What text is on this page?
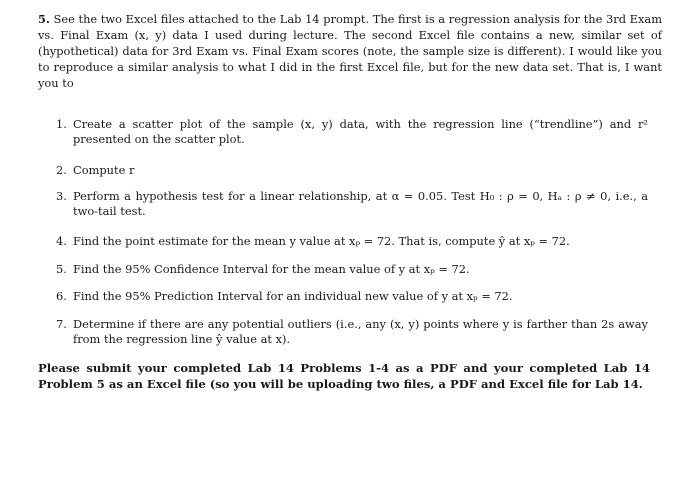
5. See the two Excel files attached to the Lab 14 prompt. The first is a regression analysis for the 3rd Exam vs. Final Exam (x, y) data I used during lecture. The second Excel file contains a new, similar set of (hypothetical) data for 3rd Exam vs. Final Exam scores (note, the sample size is different). I would like you to reproduce a similar analysis to what I did in the first Excel file, but for the new data set. That is, I want you to

1. Create a scatter plot of the sample (x, y) data, with the regression line (“trendline”) and r² presented on the scatter plot.
2. Compute r
3. Perform a hypothesis test for a linear relationship, at α = 0.05. Test H₀ : ρ = 0, Hₐ : ρ ≠ 0, i.e., a two-tail test.
4. Find the point estimate for the mean y value at xₚ = 72. That is, compute ŷ at xₚ = 72.
5. Find the 95% Confidence Interval for the mean value of y at xₚ = 72.
6. Find the 95% Prediction Interval for an individual new value of y at xₚ = 72.
7. Determine if there are any potential outliers (i.e., any (x, y) points where y is farther than 2s away from the regression line ŷ value at x).

Please submit your completed Lab 14 Problems 1-4 as a PDF and your completed Lab 14 Problem 5 as an Excel file (so you will be uploading two files, a PDF and Excel file for Lab 14.
